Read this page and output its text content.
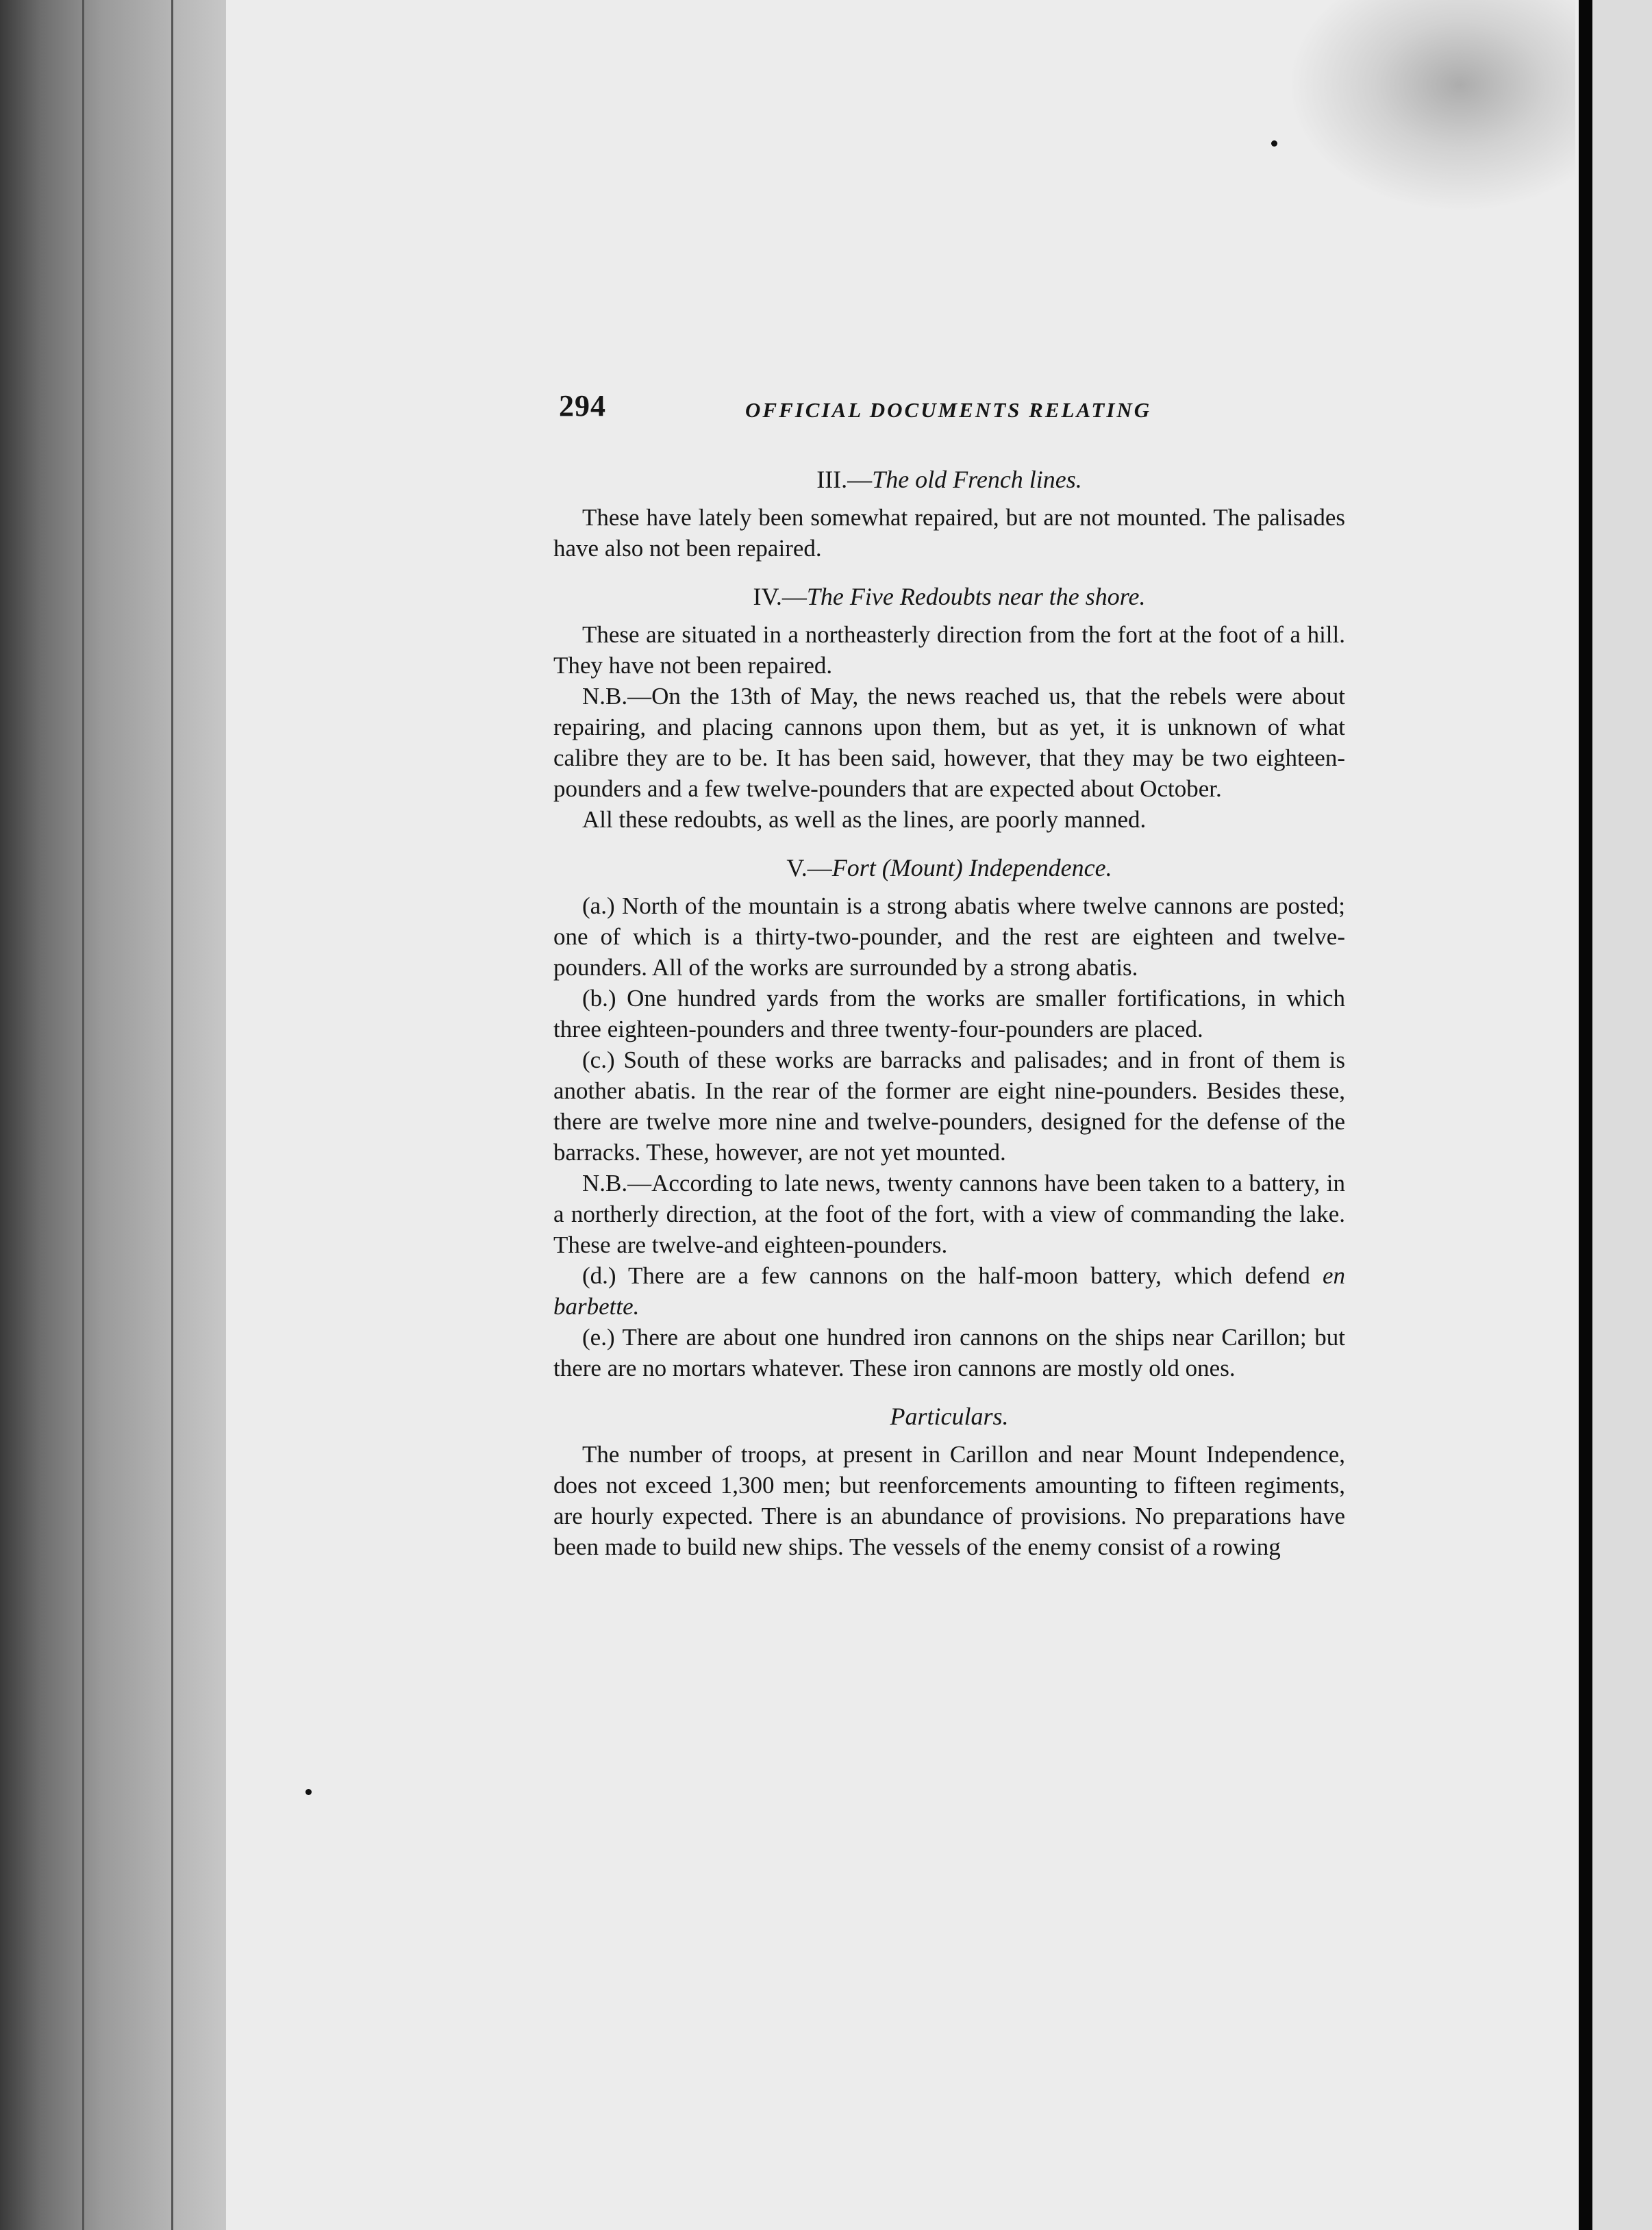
294	OFFICIAL DOCUMENTS RELATING
III.—The old French lines.

These have lately been somewhat repaired, but are not mounted. The palisades have also not been repaired.

IV.—The Five Redoubts near the shore.

These are situated in a northeasterly direction from the fort at the foot of a hill. They have not been repaired.

N.B.—On the 13th of May, the news reached us, that the rebels were about repairing, and placing cannons upon them, but as yet, it is unknown of what calibre they are to be. It has been said, however, that they may be two eighteen-pounders and a few twelve-pounders that are expected about October.

All these redoubts, as well as the lines, are poorly manned.

V.—Fort (Mount) Independence.

(a.) North of the mountain is a strong abatis where twelve cannons are posted; one of which is a thirty-two-pounder, and the rest are eighteen and twelve-pounders. All of the works are surrounded by a strong abatis.

(b.) One hundred yards from the works are smaller fortifications, in which three eighteen-pounders and three twenty-four-pounders are placed.

(c.) South of these works are barracks and palisades; and in front of them is another abatis. In the rear of the former are eight nine-pounders. Besides these, there are twelve more nine and twelve-pounders, designed for the defense of the barracks. These, however, are not yet mounted.

N.B.—According to late news, twenty cannons have been taken to a battery, in a northerly direction, at the foot of the fort, with a view of commanding the lake. These are twelve-and eighteen-pounders.

(d.) There are a few cannons on the half-moon battery, which defend en barbette.

(e.) There are about one hundred iron cannons on the ships near Carillon; but there are no mortars whatever. These iron cannons are mostly old ones.

Particulars.

The number of troops, at present in Carillon and near Mount Independence, does not exceed 1,300 men; but reenforcements amounting to fifteen regiments, are hourly expected. There is an abundance of provisions. No preparations have been made to build new ships. The vessels of the enemy consist of a rowing
